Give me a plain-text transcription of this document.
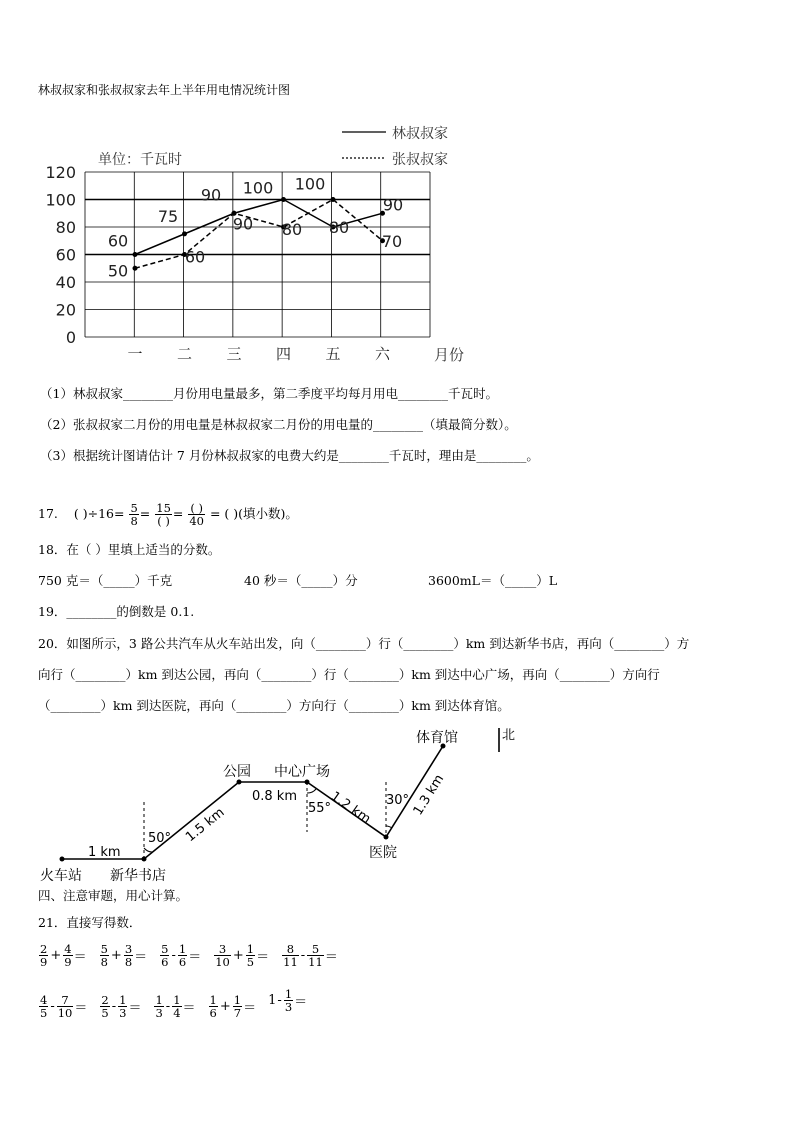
林叔叔家和张叔叔家去年上半年用电情况统计图
0
20
40
60
80
100
120
单位：千瓦时
一 二 三 四 五 六	月份
林叔叔家
张叔叔家
60
75
90 100
80
90
50
60
90 80
100
70
（1）林叔叔家________月份用电量最多，第二季度平均每月用电________千瓦时。
（2）张叔叔家二月份的用电量是林叔叔家二月份的用电量的________（填最简分数）。
（3）根据统计图请估计 7 月份林叔叔家的电费大约是________千瓦时，理由是________。
17. ( )$\div 16= \frac{5}{8} = \frac{15}{( )} = \frac{( )}{40}$ = ( )(填小数)。
18．在（ ）里填上适当的分数。
750 克＝（_____）千克	40 秒＝（_____）分	3600mL＝（_____）L
19．________的倒数是 0.1.
20．如图所示，3 路公共汽车从火车站出发，向（________）行（________）km 到达新华书店，再向（________）方
向行（________）km 到达公园，再向（________）行（________）km 到达中心广场，再向（________）方向行
（________）km 到达医院，再向（________）方向行（________）km 到达体育馆。
体育馆	北
公园 中心广场
医院
火车站 新华书店
1 km
1.5 km
0.8 km 1.2 km	1.3 km
50°
55°
30°
四、注意审题，用心计算。
21．直接写得数．
$\frac{2}{9} + \frac{4}{9} = \frac{5}{8} + \frac{3}{8} = \frac{5}{6} - \frac{1}{6} = \frac{3}{10} + \frac{1}{5} = \frac{8}{11} - \frac{5}{11}$ ＝
$\frac{4}{5} - \frac{7}{10} = \frac{2}{5} - \frac{1}{3} = \frac{1}{3} - \frac{1}{4} = \frac{1}{6} + \frac{1}{7}$ ＝
$1 - \frac{1}{3}$ ＝
